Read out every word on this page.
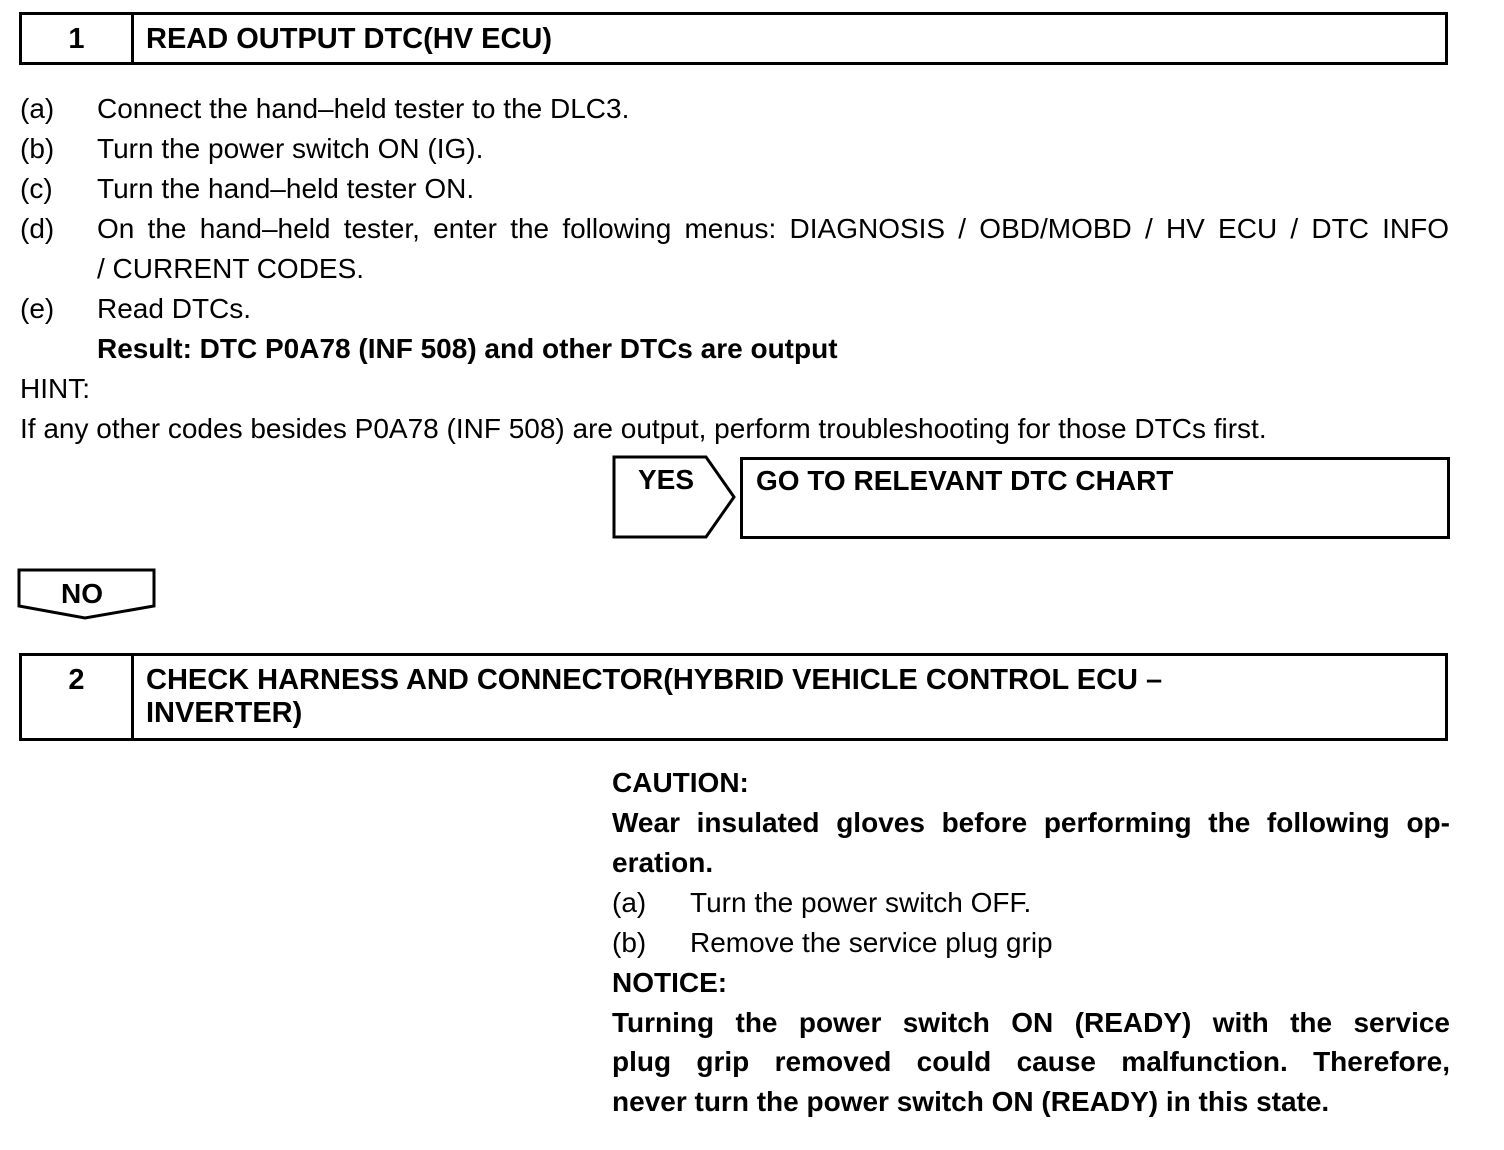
1	READ OUTPUT DTC(HV ECU)
(a) Connect the hand–held tester to the DLC3.
(b) Turn the power switch ON (IG).
(c) Turn the hand–held tester ON.
(d) On the hand–held tester, enter the following menus: DIAGNOSIS / OBD/MOBD / HV ECU / DTC INFO
/ CURRENT CODES.
(e) Read DTCs.
Result: DTC P0A78 (INF 508) and other DTCs are output
HINT:
If any other codes besides P0A78 (INF 508) are output, perform troubleshooting for those DTCs first.
YES GO TO RELEVANT DTC CHART
NO
2	CHECK HARNESS AND CONNECTOR(HYBRID VEHICLE CONTROL ECU –
INVERTER)
CAUTION:
Wear insulated gloves before performing the following op-
eration.
(a) Turn the power switch OFF.
(b) Remove the service plug grip
NOTICE:
Turning the power switch ON (READY) with the service
plug grip removed could cause malfunction. Therefore,
never turn the power switch ON (READY) in this state.
